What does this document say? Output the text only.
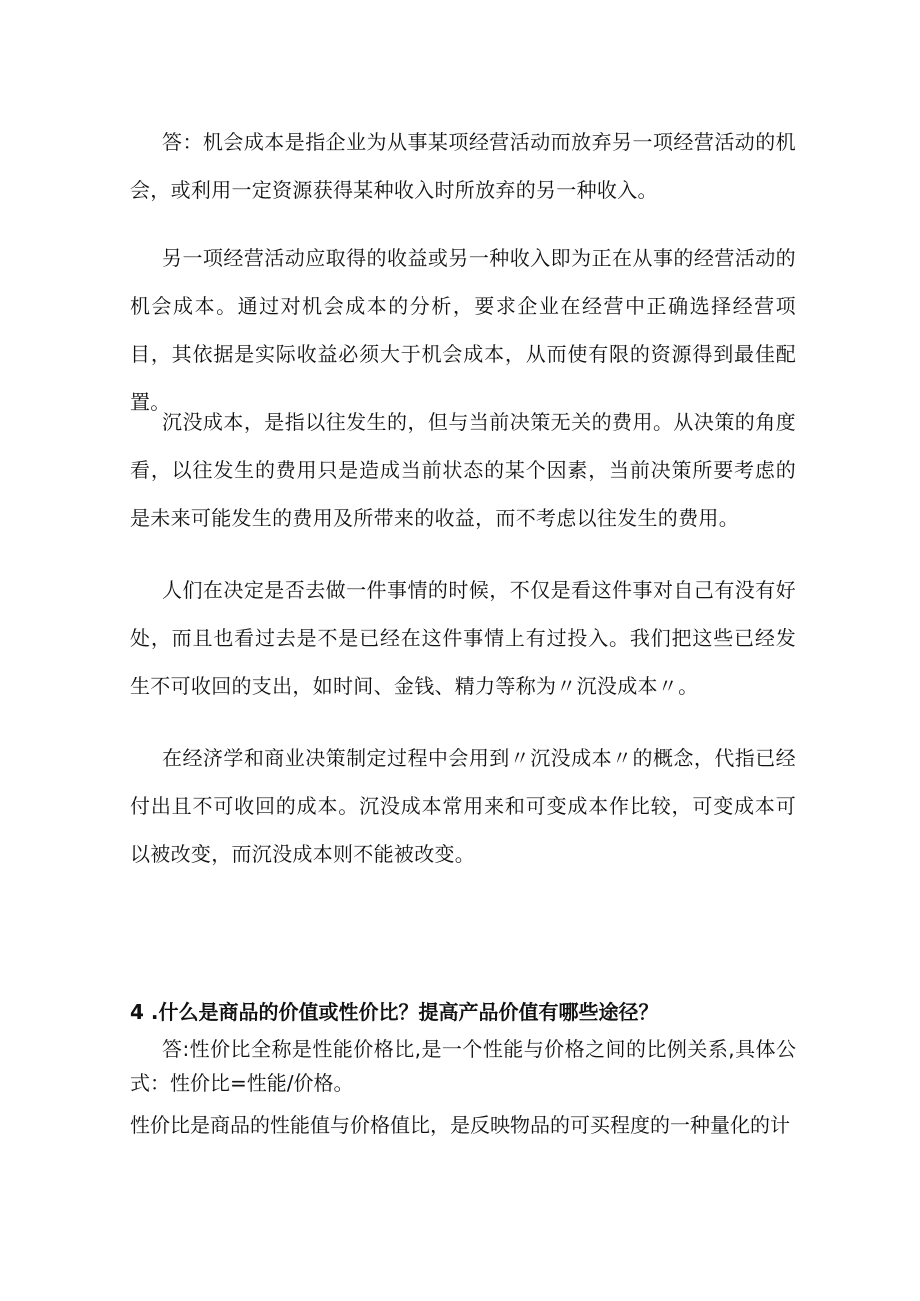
答：机会成本是指企业为从事某项经营活动而放弃另一项经营活动的机会，或利用一定资源获得某种收入时所放弃的另一种收入。

另一项经营活动应取得的收益或另一种收入即为正在从事的经营活动的机会成本。通过对机会成本的分析，要求企业在经营中正确选择经营项目，其依据是实际收益必须大于机会成本，从而使有限的资源得到最佳配置。

沉没成本，是指以往发生的，但与当前决策无关的费用。从决策的角度看，以往发生的费用只是造成当前状态的某个因素，当前决策所要考虑的是未来可能发生的费用及所带来的收益，而不考虑以往发生的费用。

人们在决定是否去做一件事情的时候，不仅是看这件事对自己有没有好处，而且也看过去是不是已经在这件事情上有过投入。我们把这些已经发生不可收回的支出，如时间、金钱、精力等称为〃沉没成本〃。

在经济学和商业决策制定过程中会用到〃沉没成本〃的概念，代指已经付出且不可收回的成本。沉没成本常用来和可变成本作比较，可变成本可以被改变，而沉没成本则不能被改变。

4 .什么是商品的价值或性价比？提高产品价值有哪些途径？

答:性价比全称是性能价格比,是一个性能与价格之间的比例关系,具体公式：性价比=性能/价格。

性价比是商品的性能值与价格值比，是反映物品的可买程度的一种量化的计
